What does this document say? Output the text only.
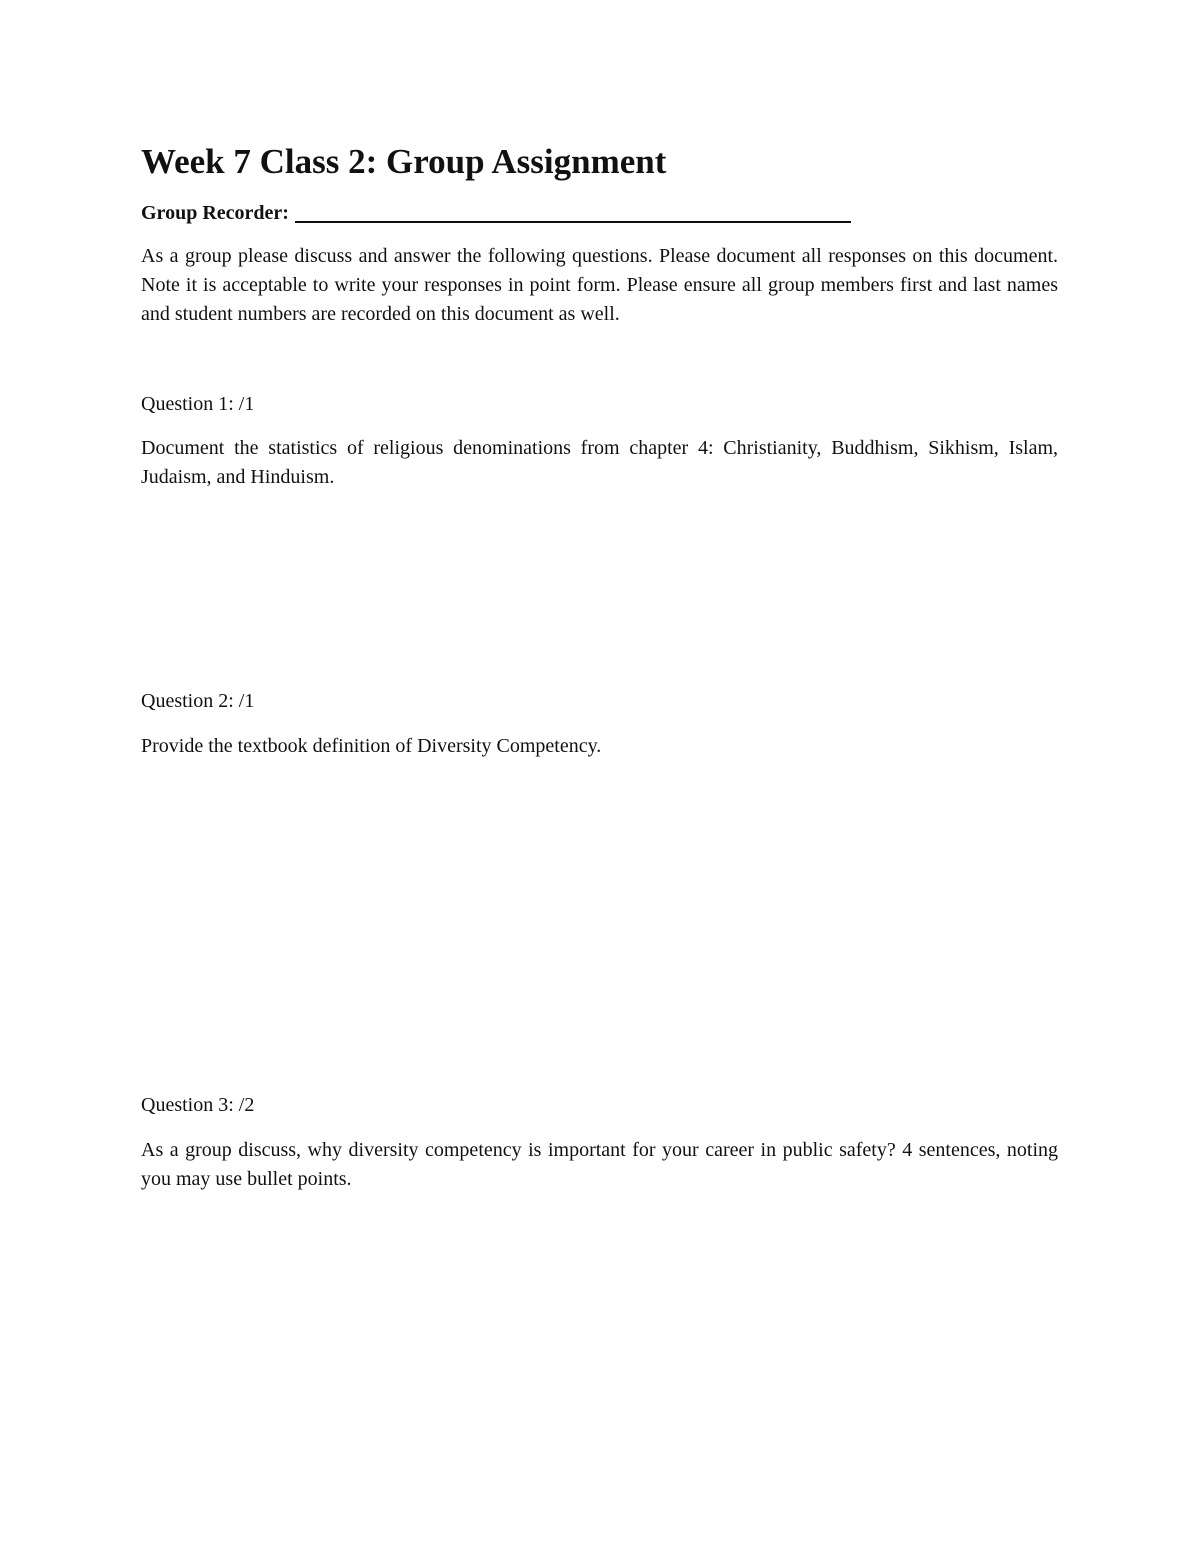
Week 7 Class 2: Group Assignment
Group Recorder:

As a group please discuss and answer the following questions. Please document all responses on this document. Note it is acceptable to write your responses in point form. Please ensure all group members first and last names and student numbers are recorded on this document as well.

Question 1: /1

Document the statistics of religious denominations from chapter 4: Christianity, Buddhism, Sikhism, Islam, Judaism, and Hinduism.

Question 2: /1

Provide the textbook definition of Diversity Competency.

Question 3: /2

As a group discuss, why diversity competency is important for your career in public safety? 4 sentences, noting you may use bullet points.
